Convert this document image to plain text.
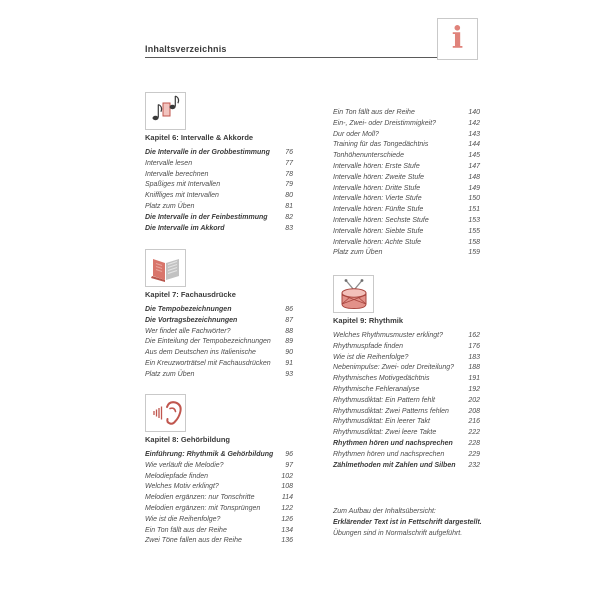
Inhaltsverzeichnis	i
Zum Aufbau der Inhaltsübersicht:
Erklärender Text ist in Fettschrift dargestellt.
Übungen sind in Normalschrift aufgeführt.
Kapitel 6: Intervalle & Akkorde
Die Intervalle in der Grobbestimmung	76
Intervalle lesen	77
Intervalle berechnen	78
Spaßiges mit Intervallen	79
Kniffliges mit Intervallen	80
Platz zum Üben	81
Die Intervalle in der Feinbestimmung	82
Die Intervalle im Akkord	83
Kapitel 7: Fachausdrücke
Die Tempobezeichnungen	86
Die Vortragsbezeichnungen	87
Wer findet alle Fachwörter?	88
Die Einteilung der Tempobezeichnungen	89
Aus dem Deutschen ins Italienische	90
Ein Kreuzworträtsel mit Fachausdrücken	91
Platz zum Üben	93
Kapitel 8: Gehörbildung
Einführung: Rhythmik & Gehörbildung	96
Wie verläuft die Melodie?	97
Melodiepfade finden	102
Welches Motiv erklingt?	108
Melodien ergänzen: nur Tonschritte	114
Melodien ergänzen: mit Tonsprüngen	122
Wie ist die Reihenfolge?	126
Ein Ton fällt aus der Reihe	134
Zwei Töne fallen aus der Reihe	136
Ein Ton fällt aus der Reihe	140
Ein-, Zwei- oder Dreistimmigkeit?	142
Dur oder Moll?	143
Training für das Tongedächtnis	144
Tonhöhenunterschiede	145
Intervalle hören: Erste Stufe	147
Intervalle hören: Zweite Stufe	148
Intervalle hören: Dritte Stufe	149
Intervalle hören: Vierte Stufe	150
Intervalle hören: Fünfte Stufe	151
Intervalle hören: Sechste Stufe	153
Intervalle hören: Siebte Stufe	155
Intervalle hören: Achte Stufe	158
Platz zum Üben	159
Kapitel 9: Rhythmik
Welches Rhythmusmuster erklingt?	162
Rhythmuspfade finden	176
Wie ist die Reihenfolge?	183
Nebenimpulse: Zwei- oder Dreiteilung?	188
Rhythmisches Motivgedächtnis	191
Rhythmische Fehleranalyse	192
Rhythmusdiktat: Ein Pattern fehlt	202
Rhythmusdiktat: Zwei Patterns fehlen	208
Rhythmusdiktat: Ein leerer Takt	216
Rhythmusdiktat: Zwei leere Takte	222
Rhythmen hören und nachsprechen	228
Rhythmen hören und nachsprechen	229
Zählmethoden mit Zahlen und Silben	232
